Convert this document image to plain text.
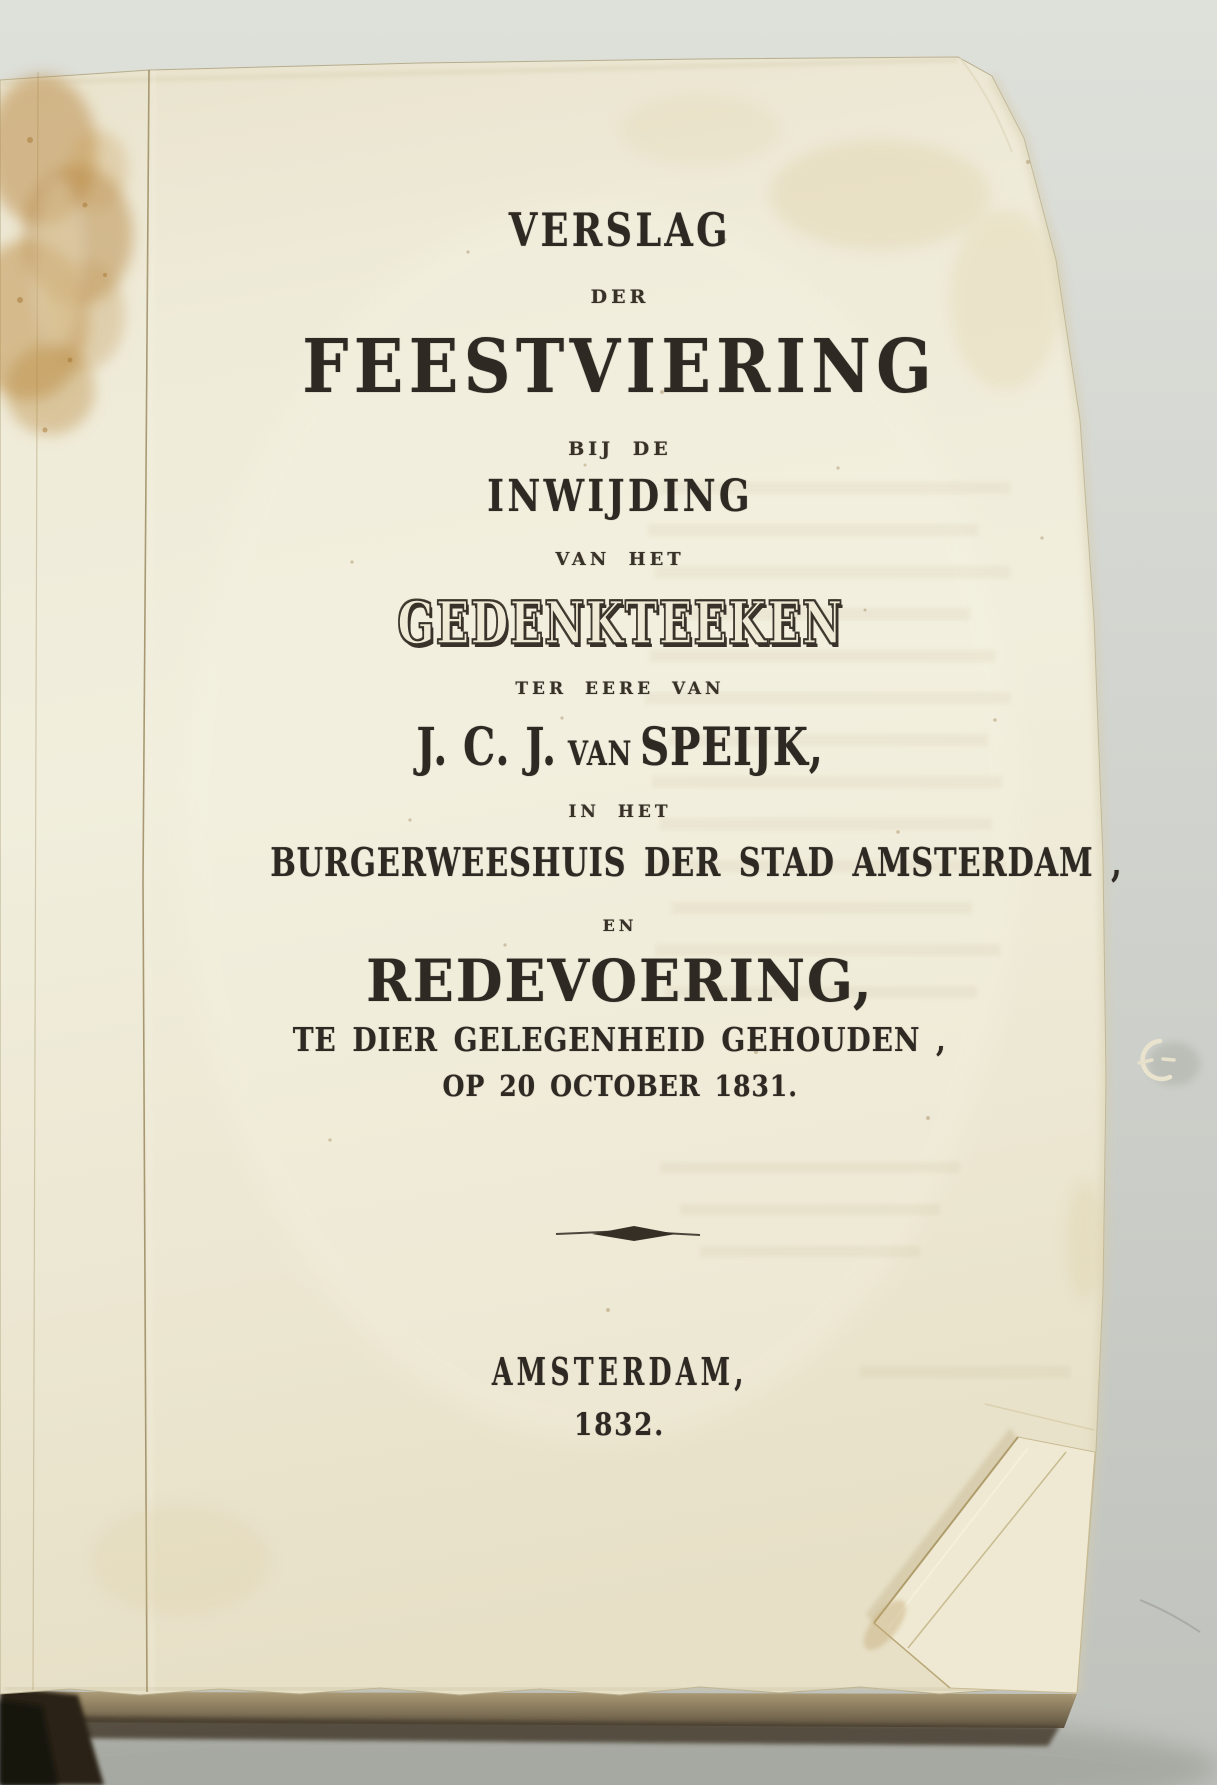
VERSLAG
DER
FEESTVIERING
BIJ DE
INWIJDING
VAN HET
GEDENKTEEKEN
TER EERE VAN
J. C. J. VAN SPEIJK,
IN HET
BURGERWEESHUIS DER STAD AMSTERDAM ,
EN
REDEVOERING,
TE DIER GELEGENHEID GEHOUDEN ,
OP 20 OCTOBER 1831.
AMSTERDAM,
1832.
